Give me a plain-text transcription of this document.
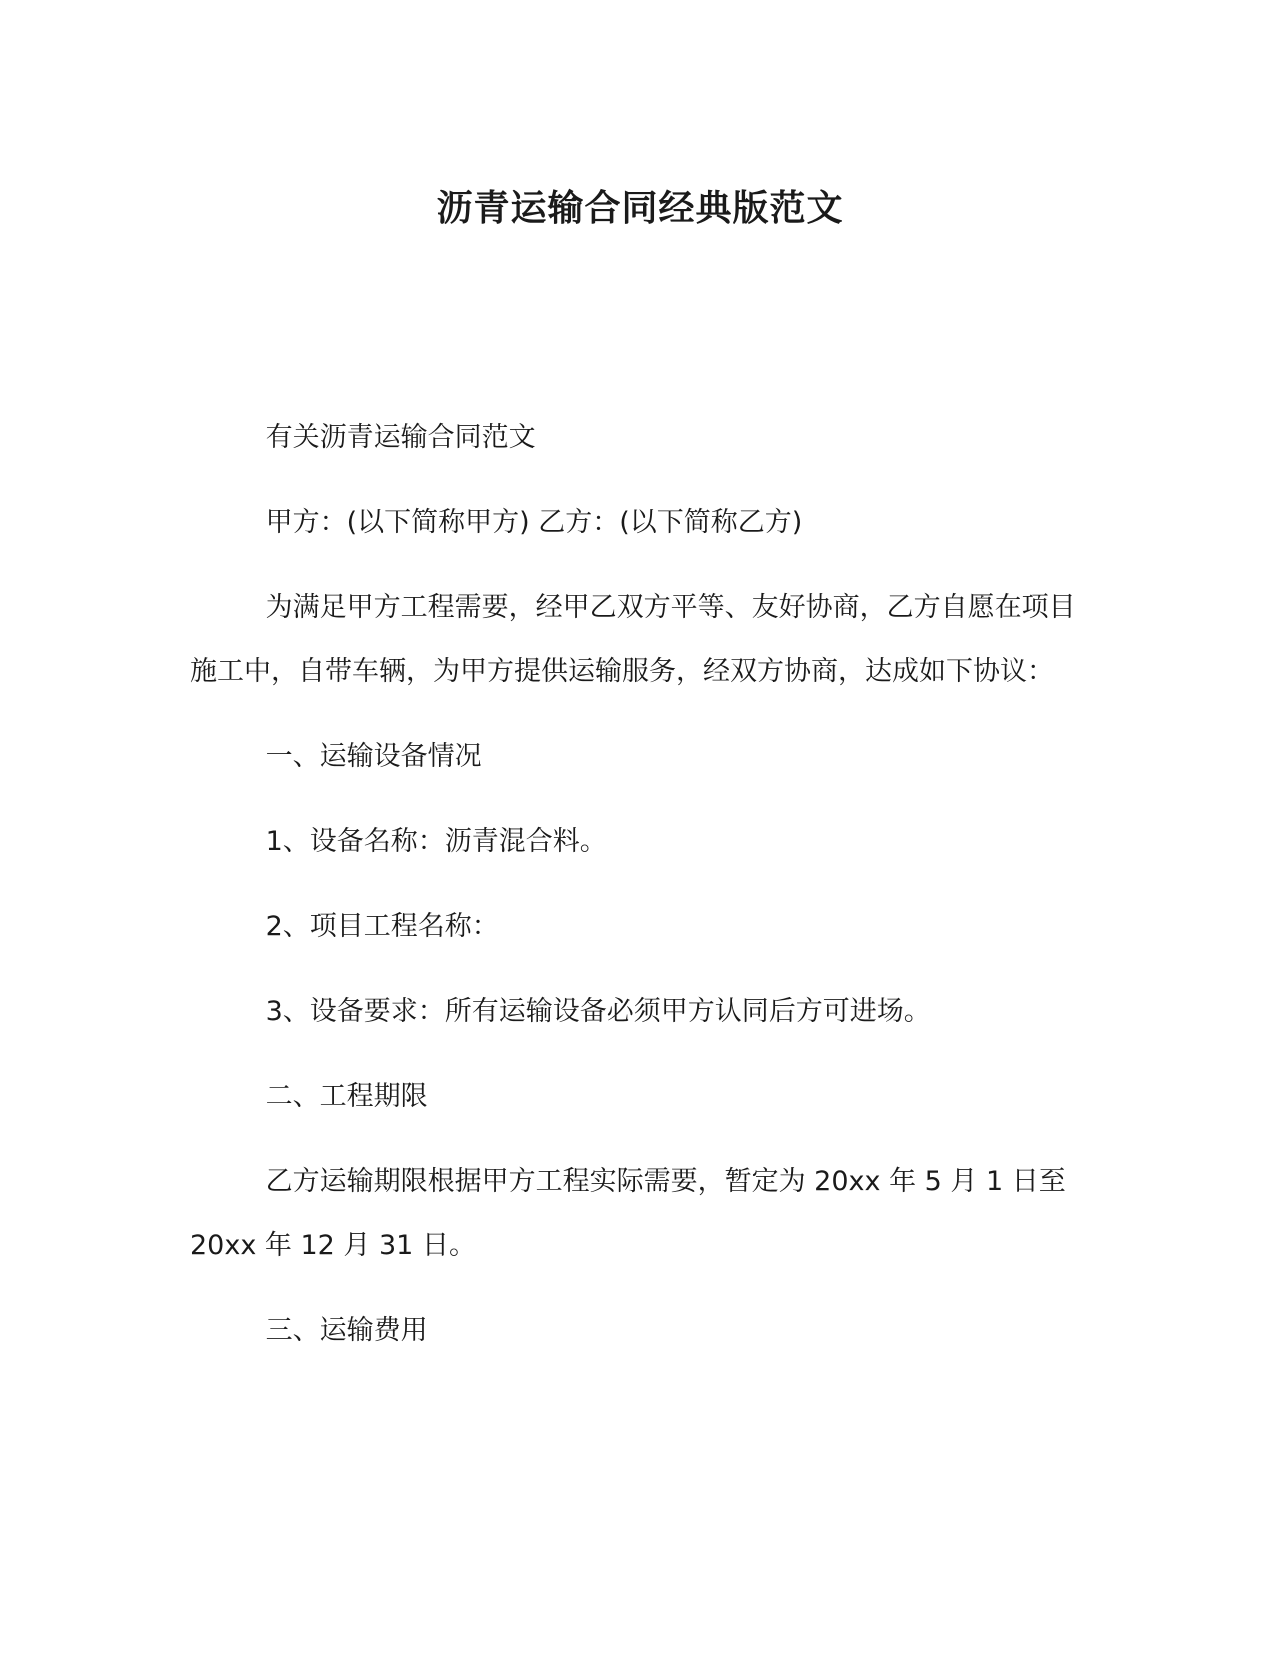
沥青运输合同经典版范文

有关沥青运输合同范文

甲方：(以下简称甲方) 乙方：(以下简称乙方)

为满足甲方工程需要，经甲乙双方平等、友好协商，乙方自愿在项目施工中，自带车辆，为甲方提供运输服务，经双方协商，达成如下协议：

一、运输设备情况

1、设备名称：沥青混合料。

2、项目工程名称：

3、设备要求：所有运输设备必须甲方认同后方可进场。

二、工程期限

乙方运输期限根据甲方工程实际需要，暂定为 20xx 年 5 月 1 日至 20xx 年 12 月 31 日。

三、运输费用
